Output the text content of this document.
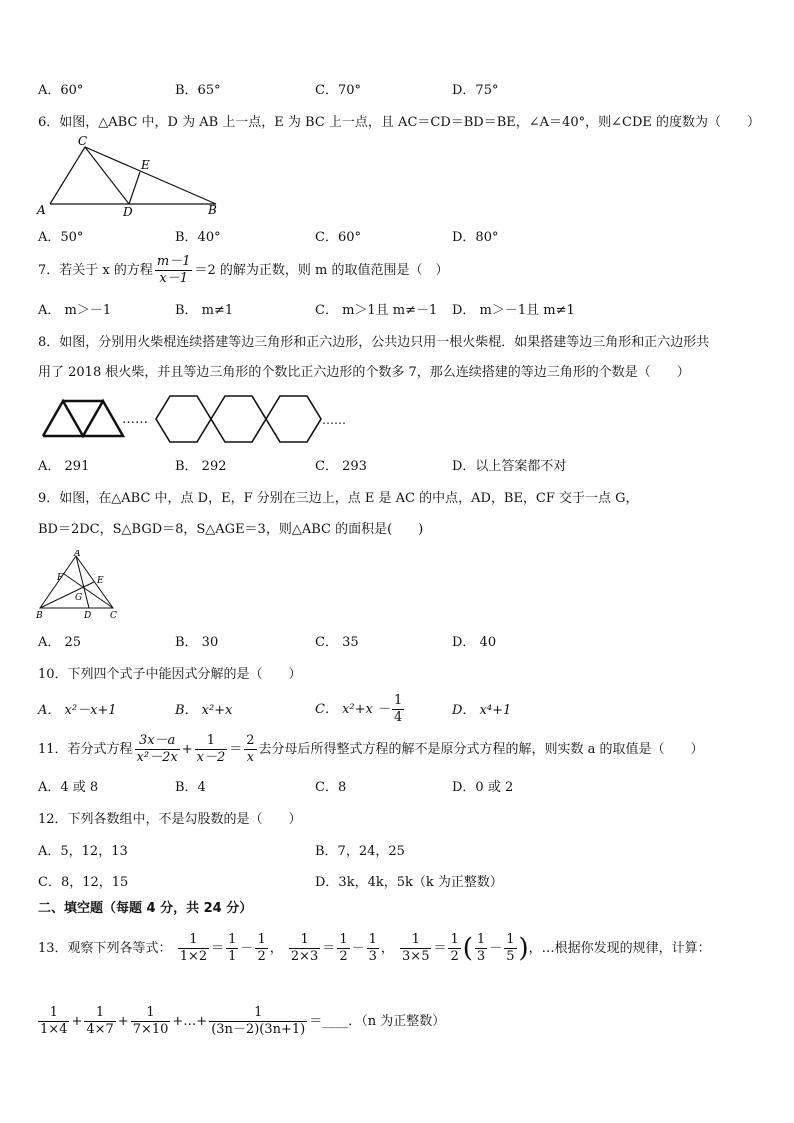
A．60°	B．65°	C．70°	D．75°
6．如图，△ABC 中，D 为 AB 上一点，E 为 BC 上一点，且 AC＝CD＝BD＝BE，∠A＝40°，则∠CDE 的度数为（　　）
C
E
A	D	B
A．50°	B．40°	C．60°	D．80°
7．若关于 x 的方程 $\frac{m-1}{x-1} =2$ 的解为正数，则 m 的取值范围是（　）
A． m＞－1	B． m≠1	C． m＞1且 m≠－1 D． m＞－1且 m≠1
8．如图，分别用火柴棍连续搭建等边三角形和正六边形，公共边只用一根火柴棍．如果搭建等边三角形和正六边形共
用了 2018 根火柴，并且等边三角形的个数比正六边形的个数多 7，那么连续搭建的等边三角形的个数是（　　）
……	……
A． 291	B． 292	C． 293	D．以上答案都不对
9．如图，在△ABC 中，点 D，E，F 分别在三边上，点 E 是 AC 的中点，AD，BE，CF 交于一点 G，
BD＝2DC，S△BGD＝8，S△AGE＝3，则△ABC 的面积是(　　)
A
F	E
G
B	D C
A． 25	B． 30	C． 35	D． 40
10．下列四个式子中能因式分解的是（　　）
A． x²－x+1	B． x²+x	C． $x^2+x - \frac{1}{4}$	D． x⁴+1
11．若分式方程 $\frac{3x-a}{\text{x²－2x}} + \frac{1}{x-2} = \frac{2}{x}$ 去分母后所得整式方程的解不是原分式方程的解，则实数 a 的取值是（　　）
A．4 或 8	B．4	C．8	D．0 或 2
12．下列各数组中，不是勾股数的是（　　）
A．5，12，13	B．7，24，25
C．8，12，15	D．3k，4k，5k（k 为正整数）
二、填空题（每题 4 分，共 24 分）
13．观察下列各等式： $\frac{1}{1\times 2} = \frac{1}{1} - \frac{1}{2}$ ， $\frac{1}{2\times 3} = \frac{1}{2} - \frac{1}{3}$ ， $\frac{1}{3\times 5} = \frac{1}{2}$ ( $\frac{1}{3} - \frac{1}{5}$ )，…根据你发现的规律，计算：
$\frac{1}{1\times 4} + \frac{1}{4\times 7} + \frac{1}{7\times 10}$ +…+ $\frac{1}{(3n-2)(3n+1)}$ ＝____．（n 为正整数）
